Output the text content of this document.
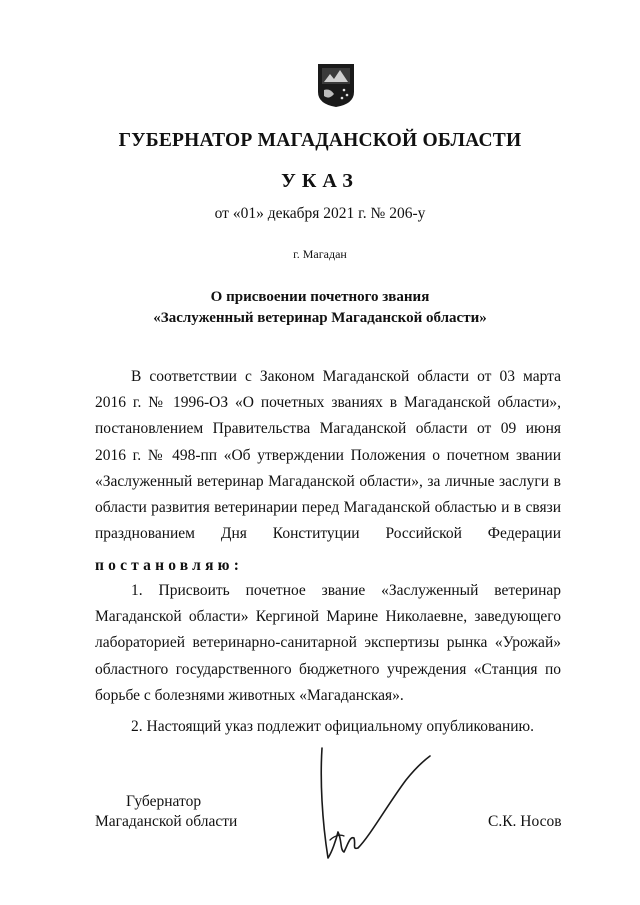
ГУБЕРНАТОР МАГАДАНСКОЙ ОБЛАСТИ
УКАЗ
от «01» декабря 2021 г. № 206-у
г. Магадан
О присвоении почетного звания
«Заслуженный ветеринар Магаданской области»
В соответствии с Законом Магаданской области от 03 марта 2016 г. № 1996-ОЗ «О почетных званиях в Магаданской области», постановлением Правительства Магаданской области от 09 июня 2016 г. № 498-пп «Об утверждении Положения о почетном звании «Заслуженный ветеринар Магаданской области», за личные заслуги в области развития ветеринарии перед Магаданской областью и в связи празднованием Дня Конституции Российской Федерации
постановляю:
1. Присвоить почетное звание «Заслуженный ветеринар Магаданской области» Кергиной Марине Николаевне, заведующего лабораторией ветеринарно-санитарной экспертизы рынка «Урожай» областного государственного бюджетного учреждения «Станция по борьбе с болезнями животных «Магаданская».
2. Настоящий указ подлежит официальному опубликованию.
Губернатор
Магаданской области	С.К. Носов
